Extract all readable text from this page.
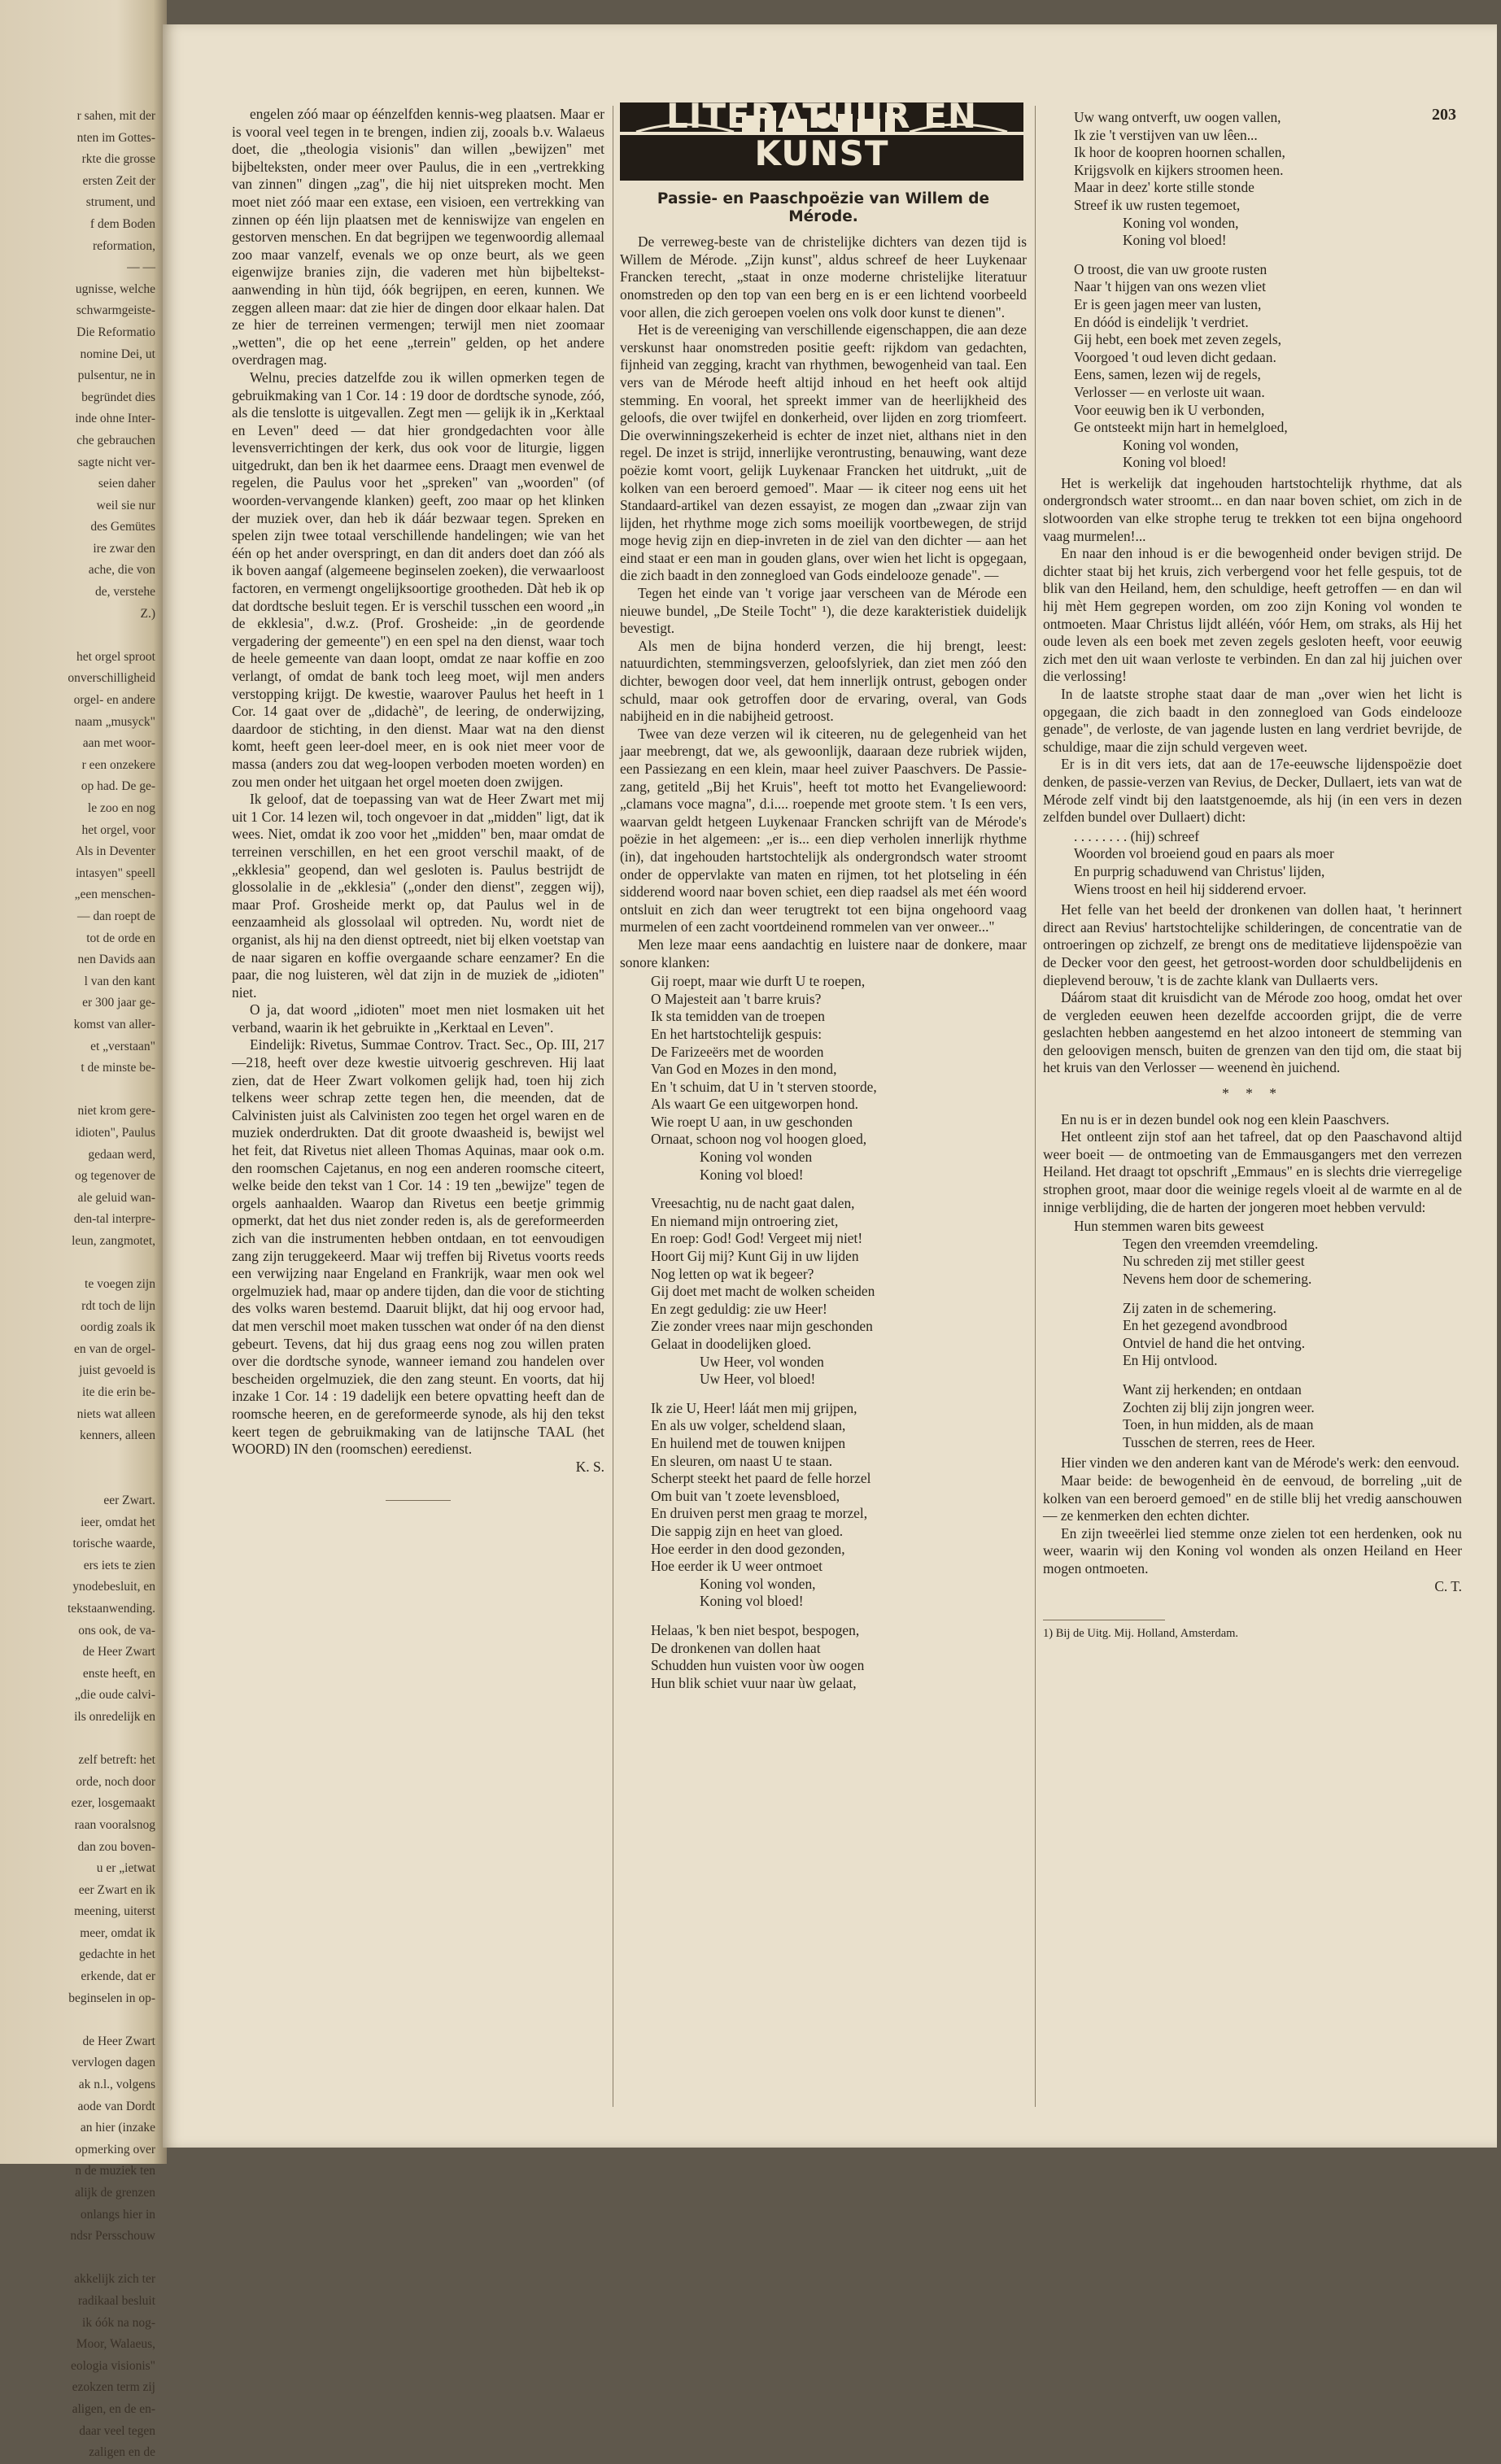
r sahen, mit der
nten im Gottes-
rkte die grosse
ersten Zeit der
strument, und
f dem Boden
reformation,
— —
ugnisse, welche
schwarmgeiste-
Die Reformatio
nomine Dei, ut
pulsentur, ne in
begründet dies
inde ohne Inter-
che gebrauchen
sagte nicht ver-
seien daher
weil sie nur
des Gemütes
ire zwar den
ache, die von
de, verstehe
Z.)
het orgel sproot
onverschilligheid
orgel- en andere
naam „musyck"
aan met woor-
r een onzekere
op had. De ge-
le zoo en nog
het orgel, voor
Als in Deventer
intasyen" speell
„een menschen-
— dan roept de
tot de orde en
nen Davids aan
l van den kant
er 300 jaar ge-
komst van aller-
et „verstaan"
t de minste be-
niet krom gere-
idioten", Paulus
gedaan werd,
og tegenover de
ale geluid wan-
den-tal interpre-
leun, zangmotet,
te voegen zijn
rdt toch de lijn
oordig zoals ik
en van de orgel-
juist gevoeld is
ite die erin be-
niets wat alleen
kenners, alleen
eer Zwart.
ieer, omdat het
torische waarde,
ers iets te zien
ynodebesluit, en
tekstaanwending.
ons ook, de va-
de Heer Zwart
enste heeft, en
„die oude calvi-
ils onredelijk en
zelf betreft: het
orde, noch door
ezer, losgemaakt
raan vooralsnog
dan zou boven-
u er „ietwat
eer Zwart en ik
meening, uiterst
meer, omdat ik
gedachte in het
erkende, dat er
beginselen in op-
de Heer Zwart
vervlogen dagen
ak n.l., volgens
aode van Dordt
an hier (inzake
opmerking over
n de muziek ten
alijk de grenzen
onlangs hier in
ndsr Persschouw
akkelijk zich ter
radikaal besluit
ik óók na nog-
Moor, Walaeus,
eologia visionis"
ezokzen term zij
aligen, en de en-
daar veel tegen
zaligen en de
203

engelen zóó maar op éénzelfden kennis-weg plaatsen. Maar er is vooral veel tegen in te brengen, indien zij, zooals b.v. Walaeus doet, die „theologia visionis" dan willen „bewijzen" met bijbelteksten, onder meer over Paulus, die in een „vertrekking van zinnen" dingen „zag", die hij niet uitspreken mocht. Men moet niet zóó maar een extase, een visioen, een vertrekking van zinnen op één lijn plaatsen met de kenniswijze van engelen en gestorven menschen. En dat begrijpen we tegenwoordig allemaal zoo maar vanzelf, evenals we op onze beurt, als we geen eigenwijze branies zijn, die vaderen met hùn bijbeltekst-aanwending in hùn tijd, óók begrijpen, en eeren, kunnen. We zeggen alleen maar: dat zie hier de dingen door elkaar halen. Dat ze hier de terreinen vermengen; terwijl men niet zoomaar „wetten", die op het eene „terrein" gelden, op het andere overdragen mag.

Welnu, precies datzelfde zou ik willen opmerken tegen de gebruikmaking van 1 Cor. 14 : 19 door de dordtsche synode, zóó, als die tenslotte is uitgevallen. Zegt men — gelijk ik in „Kerktaal en Leven" deed — dat hier grondgedachten voor àlle levensverrichtingen der kerk, dus ook voor de liturgie, liggen uitgedrukt, dan ben ik het daarmee eens. Draagt men evenwel de regelen, die Paulus voor het „spreken" van „woorden" (of woorden-vervangende klanken) geeft, zoo maar op het klinken der muziek over, dan heb ik dáár bezwaar tegen. Spreken en spelen zijn twee totaal verschillende handelingen; wie van het één op het ander overspringt, en dan dit anders doet dan zóó als ik boven aangaf (algemeene beginselen zoeken), die verwaarloost factoren, en vermengt ongelijksoortige grootheden. Dàt heb ik op dat dordtsche besluit tegen. Er is verschil tusschen een woord „in de ekklesia", d.w.z. (Prof. Grosheide: „in de geordende vergadering der gemeente") en een spel na den dienst, waar toch de heele gemeente van daan loopt, omdat ze naar koffie en zoo verlangt, of omdat de bank toch leeg moet, wijl men anders verstopping krijgt. De kwestie, waarover Paulus het heeft in 1 Cor. 14 gaat over de „didachè", de leering, de onderwijzing, daardoor de stichting, in den dienst. Maar wat na den dienst komt, heeft geen leer-doel meer, en is ook niet meer voor de massa (anders zou dat weg-loopen verboden moeten worden) en zou men onder het uitgaan het orgel moeten doen zwijgen.

Ik geloof, dat de toepassing van wat de Heer Zwart met mij uit 1 Cor. 14 lezen wil, toch ongevoer in dat „midden" ligt, dat ik wees. Niet, omdat ik zoo voor het „midden" ben, maar omdat de terreinen verschillen, en het een groot verschil maakt, of de „ekklesia" geopend, dan wel gesloten is. Paulus bestrijdt de glossolalie in de „ekklesia" („onder den dienst", zeggen wij), maar Prof. Grosheide merkt op, dat Paulus wel in de eenzaamheid als glossolaal wil optreden. Nu, wordt niet de organist, als hij na den dienst optreedt, niet bij elken voetstap van de naar sigaren en koffie overgaande schare eenzamer? En die paar, die nog luisteren, wèl dat zijn in de muziek de „idioten" niet.

O ja, dat woord „idioten" moet men niet losmaken uit het verband, waarin ik het gebruikte in „Kerktaal en Leven".

Eindelijk: Rivetus, Summae Controv. Tract. Sec., Op. III, 217—218, heeft over deze kwestie uitvoerig geschreven. Hij laat zien, dat de Heer Zwart volkomen gelijk had, toen hij zich telkens weer schrap zette tegen hen, die meenden, dat de Calvinisten juist als Calvinisten zoo tegen het orgel waren en de muziek onderdrukten. Dat dit groote dwaasheid is, bewijst wel het feit, dat Rivetus niet alleen Thomas Aquinas, maar ook o.m. den roomschen Cajetanus, en nog een anderen roomsche citeert, welke beide den tekst van 1 Cor. 14 : 19 ten „bewijze" tegen de orgels aanhaalden. Waarop dan Rivetus een beetje grimmig opmerkt, dat het dus niet zonder reden is, als de gereformeerden zich van die instrumenten hebben ontdaan, en tot eenvoudigen zang zijn teruggekeerd. Maar wij treffen bij Rivetus voorts reeds een verwijzing naar Engeland en Frankrijk, waar men ook wel orgelmuziek had, maar op andere tijden, dan die voor de stichting des volks waren bestemd. Daaruit blijkt, dat hij oog ervoor had, dat men verschil moet maken tusschen wat onder óf na den dienst gebeurt. Tevens, dat hij dus graag eens nog zou willen praten over die dordtsche synode, wanneer iemand zou handelen over bescheiden orgelmuziek, die den zang steunt. En voorts, dat hij inzake 1 Cor. 14 : 19 dadelijk een betere opvatting heeft dan de roomsche heeren, en de gereformeerde synode, als hij den tekst keert tegen de gebruikmaking van de latijnsche TAAL (het WOORD) IN den (roomschen) eeredienst.

K. S.
LITERATUUR EN KUNST
Passie- en Paaschpoëzie van Willem de Mérode.

De verreweg-beste van de christelijke dichters van dezen tijd is Willem de Mérode. „Zijn kunst", aldus schreef de heer Luykenaar Francken terecht, „staat in onze moderne christelijke literatuur onomstreden op den top van een berg en is er een lichtend voorbeeld voor allen, die zich geroepen voelen ons volk door kunst te dienen".

Het is de vereeniging van verschillende eigenschappen, die aan deze verskunst haar onomstreden positie geeft: rijkdom van gedachten, fijnheid van zegging, kracht van rhythmen, bewogenheid van taal. Een vers van de Mérode heeft altijd inhoud en het heeft ook altijd stemming. En vooral, het spreekt immer van de heerlijkheid des geloofs, die over twijfel en donkerheid, over lijden en zorg triomfeert. Die overwinningszekerheid is echter de inzet niet, althans niet in den regel. De inzet is strijd, innerlijke verontrusting, benauwing, want deze poëzie komt voort, gelijk Luykenaar Francken het uitdrukt, „uit de kolken van een beroerd gemoed". Maar — ik citeer nog eens uit het Standaard-artikel van dezen essayist, ze mogen dan „zwaar zijn van lijden, het rhythme moge zich soms moeilijk voortbewegen, de strijd moge hevig zijn en diep-invreten in de ziel van den dichter — aan het eind staat er een man in gouden glans, over wien het licht is opgegaan, die zich baadt in den zonnegloed van Gods eindelooze genade". —

Tegen het einde van 't vorige jaar verscheen van de Mérode een nieuwe bundel, „De Steile Tocht" ¹), die deze karakteristiek duidelijk bevestigt.

Als men de bijna honderd verzen, die hij brengt, leest: natuurdichten, stemmingsverzen, geloofslyriek, dan ziet men zóó den dichter, bewogen door veel, dat hem innerlijk ontrust, gebogen onder schuld, maar ook getroffen door de ervaring, overal, van Gods nabijheid en in die nabijheid getroost.

Twee van deze verzen wil ik citeeren, nu de gelegenheid van het jaar meebrengt, dat we, als gewoonlijk, daaraan deze rubriek wijden, een Passiezang en een klein, maar heel zuiver Paaschvers. De Passie-zang, getiteld „Bij het Kruis", heeft tot motto het Evangeliewoord: „clamans voce magna", d.i.... roepende met groote stem. 't Is een vers, waarvan geldt hetgeen Luykenaar Francken schrijft van de Mérode's poëzie in het algemeen: „er is... een diep verholen innerlijk rhythme (in), dat ingehouden hartstochtelijk als ondergrondsch water stroomt onder de oppervlakte van maten en rijmen, tot het plotseling in één sidderend woord naar boven schiet, een diep raadsel als met één woord ontsluit en zich dan weer terugtrekt tot een bijna ongehoord vaag murmelen of een zacht voortdeinend rommelen van ver onweer..."

Men leze maar eens aandachtig en luistere naar de donkere, maar sonore klanken:

Gij roept, maar wie durft U te roepen,
O Majesteit aan 't barre kruis?
Ik sta temidden van de troepen
En het hartstochtelijk gespuis:
De Farizeeërs met de woorden
Van God en Mozes in den mond,
En 't schuim, dat U in 't sterven stoorde,
Als waart Ge een uitgeworpen hond.
Wie roept U aan, in uw geschonden
Ornaat, schoon nog vol hoogen gloed,
Koning vol wonden
Koning vol bloed!
Vreesachtig, nu de nacht gaat dalen,
En niemand mijn ontroering ziet,
En roep: God! God! Vergeet mij niet!
Hoort Gij mij? Kunt Gij in uw lijden
Nog letten op wat ik begeer?
Gij doet met macht de wolken scheiden
En zegt geduldig: zie uw Heer!
Zie zonder vrees naar mijn geschonden
Gelaat in doodelijken gloed.
Uw Heer, vol wonden
Uw Heer, vol bloed!
Ik zie U, Heer! láát men mij grijpen,
En als uw volger, scheldend slaan,
En huilend met de touwen knijpen
En sleuren, om naast U te staan.
Scherpt steekt het paard de felle horzel
Om buit van 't zoete levensbloed,
En druiven perst men graag te morzel,
Die sappig zijn en heet van gloed.
Hoe eerder in den dood gezonden,
Hoe eerder ik U weer ontmoet
Koning vol wonden,
Koning vol bloed!
Helaas, 'k ben niet bespot, bespogen,
De dronkenen van dollen haat
Schudden hun vuisten voor ùw oogen
Hun blik schiet vuur naar ùw gelaat,
Uw wang ontverft, uw oogen vallen,
Ik zie 't verstijven van uw lêen...
Ik hoor de koopren hoornen schallen,
Krijgsvolk en kijkers stroomen heen.
Maar in deez' korte stille stonde
Streef ik uw rusten tegemoet,
Koning vol wonden,
Koning vol bloed!
O troost, die van uw groote rusten
Naar 't hijgen van ons wezen vliet
Er is geen jagen meer van lusten,
En dóód is eindelijk 't verdriet.
Gij hebt, een boek met zeven zegels,
Voorgoed 't oud leven dicht gedaan.
Eens, samen, lezen wij de regels,
Verlosser — en verloste uit waan.
Voor eeuwig ben ik U verbonden,
Ge ontsteekt mijn hart in hemelgloed,
Koning vol wonden,
Koning vol bloed!

Het is werkelijk dat ingehouden hartstochtelijk rhythme, dat als ondergrondsch water stroomt... en dan naar boven schiet, om zich in de slotwoorden van elke strophe terug te trekken tot een bijna ongehoord vaag murmelen!...

En naar den inhoud is er die bewogenheid onder bevigen strijd. De dichter staat bij het kruis, zich verbergend voor het felle gespuis, tot de blik van den Heiland, hem, den schuldige, heeft getroffen — en dan wil hij mèt Hem gegrepen worden, om zoo zijn Koning vol wonden te ontmoeten. Maar Christus lijdt alléén, vóór Hem, om straks, als Hij het oude leven als een boek met zeven zegels gesloten heeft, voor eeuwig zich met den uit waan verloste te verbinden. En dan zal hij juichen over die verlossing!

In de laatste strophe staat daar de man „over wien het licht is opgegaan, die zich baadt in den zonnegloed van Gods eindelooze genade", de verloste, de van jagende lusten en lang verdriet bevrijde, de schuldige, maar die zijn schuld vergeven weet.

Er is in dit vers iets, dat aan de 17e-eeuwsche lijdenspoëzie doet denken, de passie-verzen van Revius, de Decker, Dullaert, iets van wat de Mérode zelf vindt bij den laatstgenoemde, als hij (in een vers in dezen zelfden bundel over Dullaert) dicht:

. . . . . . . . (hij) schreef
Woorden vol broeiend goud en paars als moer
En purprig schaduwend van Christus' lijden,
Wiens troost en heil hij sidderend ervoer.

Het felle van het beeld der dronkenen van dollen haat, 't herinnert direct aan Revius' hartstochtelijke schilderingen, de concentratie van de ontroeringen op zichzelf, ze brengt ons de meditatieve lijdenspoëzie van de Decker voor den geest, het getroost-worden door schuldbelijdenis en dieplevend berouw, 't is de zachte klank van Dullaerts vers.

Dáárom staat dit kruisdicht van de Mérode zoo hoog, omdat het over de vergleden eeuwen heen dezelfde accoorden grijpt, die de verre geslachten hebben aangestemd en het alzoo intoneert de stemming van den geloovigen mensch, buiten de grenzen van den tijd om, die staat bij het kruis van den Verlosser — weenend èn juichend.

* * *

En nu is er in dezen bundel ook nog een klein Paaschvers.

Het ontleent zijn stof aan het tafreel, dat op den Paaschavond altijd weer boeit — de ontmoeting van de Emmausgangers met den verrezen Heiland. Het draagt tot opschrift „Emmaus" en is slechts drie vierregelige strophen groot, maar door die weinige regels vloeit al de warmte en al de innige verblijding, die de harten der jongeren moet hebben vervuld:

Hun stemmen waren bits geweest
Tegen den vreemden vreemdeling.
Nu schreden zij met stiller geest
Nevens hem door de schemering.
Zij zaten in de schemering.
En het gezegend avondbrood
Ontviel de hand die het ontving.
En Hij ontvlood.
Want zij herkenden; en ontdaan
Zochten zij blij zijn jongren weer.
Toen, in hun midden, als de maan
Tusschen de sterren, rees de Heer.

Hier vinden we den anderen kant van de Mérode's werk: den eenvoud.

Maar beide: de bewogenheid èn de eenvoud, de borreling „uit de kolken van een beroerd gemoed" en de stille blij het vredig aanschouwen — ze kenmerken den echten dichter.

En zijn tweeërlei lied stemme onze zielen tot een herdenken, ook nu weer, waarin wij den Koning vol wonden als onzen Heiland en Heer mogen ontmoeten.

C. T.
1) Bij de Uitg. Mij. Holland, Amsterdam.
